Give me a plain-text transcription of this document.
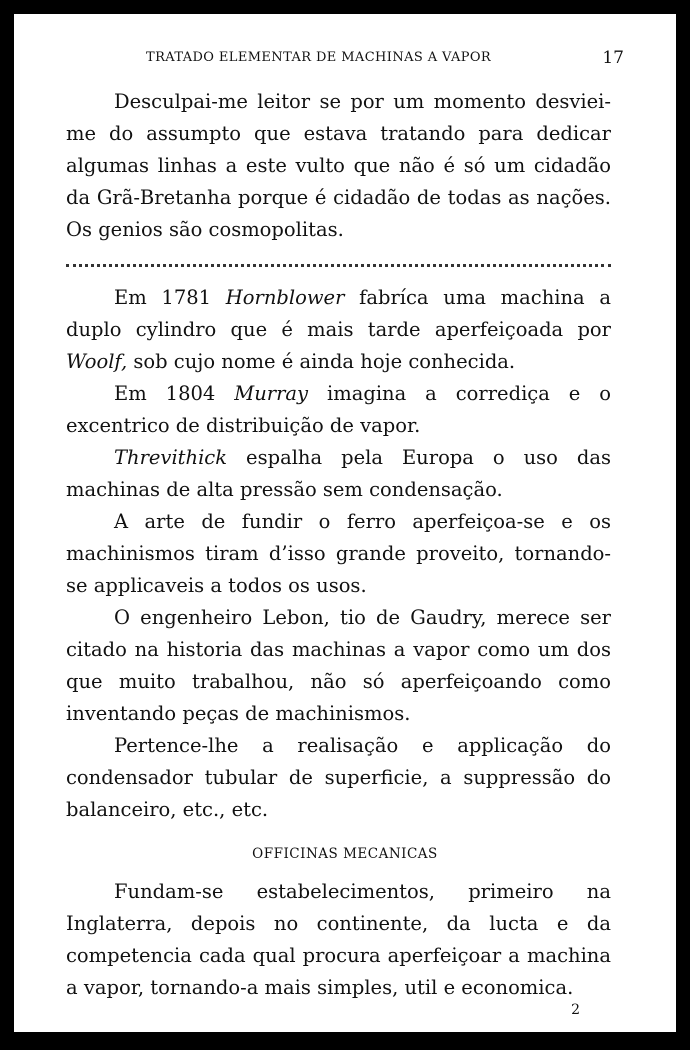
TRATADO ELEMENTAR DE MACHINAS A VAPOR	17

Desculpai-me leitor se por um momento desviei-me do assumpto que estava tratando para dedicar algumas linhas a este vulto que não é só um cidadão da Grã-Bretanha porque é cidadão de todas as nações. Os genios são cosmopolitas.

Em 1781 Hornblower fabríca uma machina a duplo cylindro que é mais tarde aperfeiçoada por Woolf, sob cujo nome é ainda hoje conhecida.

Em 1804 Murray imagina a corrediça e o excentrico de distribuição de vapor.

Threvithick espalha pela Europa o uso das machinas de alta pressão sem condensação.

A arte de fundir o ferro aperfeiçoa-se e os machinismos tiram d’isso grande proveito, tornando-se applicaveis a todos os usos.

O engenheiro Lebon, tio de Gaudry, merece ser citado na historia das machinas a vapor como um dos que muito trabalhou, não só aperfeiçoando como inventando peças de machinismos.

Pertence-lhe a realisação e applicação do condensador tubular de superficie, a suppressão do balanceiro, etc., etc.

OFFICINAS MECANICAS

Fundam-se estabelecimentos, primeiro na Inglaterra, depois no continente, da lucta e da competencia cada qual procura aperfeiçoar a machina a vapor, tornando-a mais simples, util e economica.

2
